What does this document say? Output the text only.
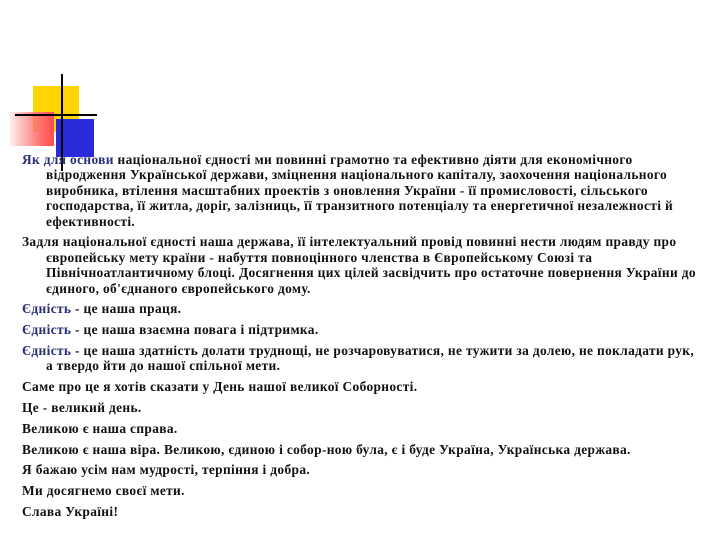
Як для основи національної єдності ми повинні грамотно та ефективно діяти для економічного відродження Української держави, зміцнення національного капіталу, заохочення національного виробника, втілення масштабних проектів з оновлення України - її промисловості, сільського господарства, її житла, доріг, залізниць, її транзитного потенціалу та енергетичної незалежності й ефективності.

Задля національної єдності наша держава, її інтелектуальний провід повинні нести людям правду про європейську мету країни - набуття повноцінного членства в Європейському Союзі та Північноатлантичному блоці. Досягнення цих цілей засвідчить про остаточне повернення України до єдиного, об'єднаного європейського дому.

Єдність - це наша праця.

Єдність - це наша взаємна повага і підтримка.

Єдність - це наша здатність долати труднощі, не розчаровуватися, не тужити за долею, не покладати рук, а твердо йти до нашої спільної мети.

Саме про це я хотів сказати у День нашої великої Соборності.

Це - великий день.

Великою є наша справа.

Великою є наша віра. Великою, єдиною і собор-ною була, є і буде Україна, Українська держава.

Я бажаю усім нам мудрості, терпіння і добра.

Ми досягнемо своєї мети.

Слава Україні!
